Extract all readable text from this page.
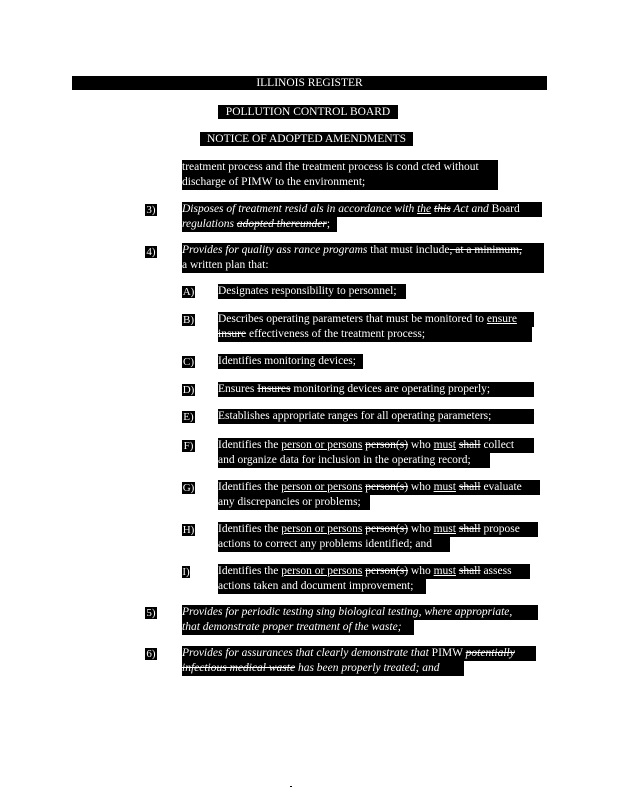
ILLINOIS REGISTER
POLLUTION CONTROL BOARD
NOTICE OF ADOPTED AMENDMENTS
treatment process and the treatment process is cond cted without
discharge of PIMW to the environment;
3) Disposes of treatment resid als in accordance with the this Act and Board
regulations adopted thereunder;
4) Provides for quality ass rance programs that must include, at a minimum,
a written plan that:
A) Designates responsibility to personnel;
B) Describes operating parameters that must be monitored to ensure
insure effectiveness of the treatment process;
C) Identifies monitoring devices;
D) Ensures Insures monitoring devices are operating properly;
E) Establishes appropriate ranges for all operating parameters;
F) Identifies the person or persons person(s) who must shall collect
and organize data for inclusion in the operating record;
G) Identifies the person or persons person(s) who must shall evaluate
any discrepancies or problems;
H) Identifies the person or persons person(s) who must shall propose
actions to correct any problems identified; and
I) Identifies the person or persons person(s) who must shall assess
actions taken and document improvement;
5) Provides for periodic testing sing biological testing, where appropriate,
that demonstrate proper treatment of the waste;
6) Provides for assurances that clearly demonstrate that PIMW potentially
infectious medical waste has been properly treated; and
